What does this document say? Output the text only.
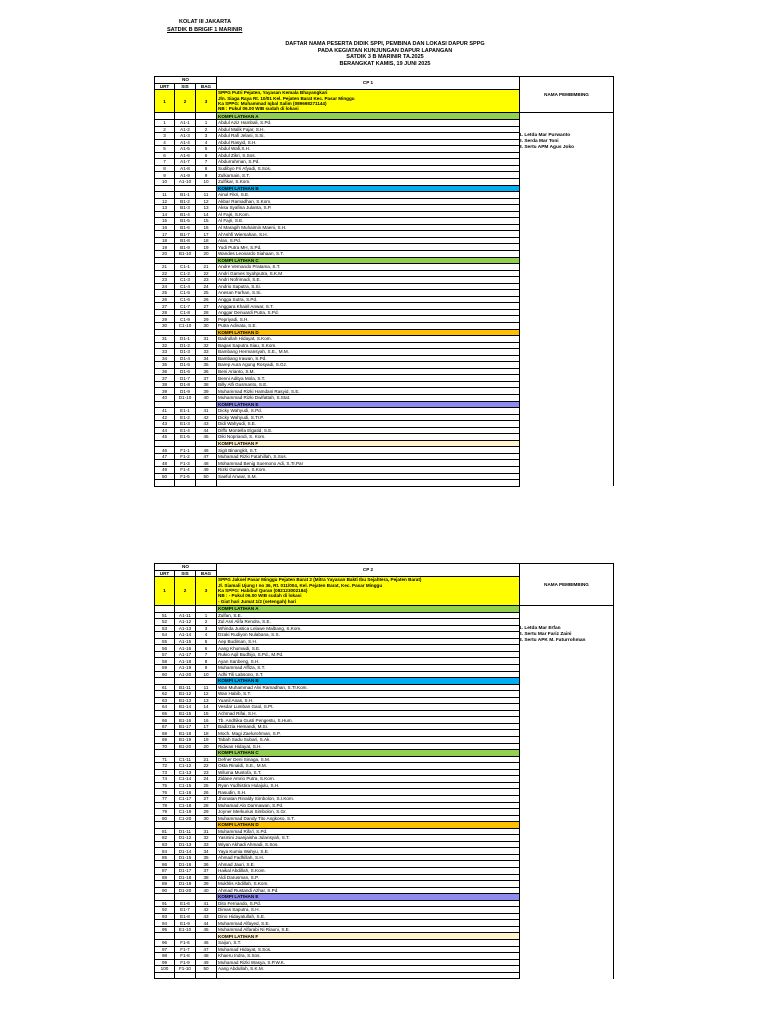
KOLAT III JAKARTA
SATDIK B BRIGIF 1 MARINIR
DAFTAR NAMA PESERTA DIDIK SPPI, PEMBINA DAN LOKASI DAPUR SPPG
PADA KEGIATAN KUNJUNGAN DAPUR LAPANGAN
SATDIK 3 B MARINIR TA.2025
BERANGKAT KAMIS, 19 JUNI 2025
NO			CP 1	NAMA PEMBIMBING
URT	SIS	BAG		
1	2	3	SPPG Putri Pejaten, Yayasan Kemala Bhayangkari
Jln. Siaga Raya Rt. 10/01 Kel. Pejaten Barat Kec. Pasar Minggu
Ka SPPG: Muhammad Iqbal Salim (089698271144)
NB : Pukul 06.00 WIB sudah di lokasi	

			KOMPI LATIHAN A	
1	A1-1	1	Abdul Aziz Hambali, S.Pd.	
2	A1-2	2	Abdul Malik Fajar, S.H.	
3	A1-3	3	Abdul Rafi Jelani, S.Si.	
4	A1-4	4	Abdul Rasyid, S.H.	
5	A1-5	5	Abdul Wafi,S.H.	
6	A1-6	6	Abdul Zikri, S.Sos.	
7	A1-7	7	Abdurrahman, S.Pd.	
8	A1-8	8	Sudibyo Fri Afyadi, S.Sos.	
9	A1-9	9	Zulkarnain, S.T.	
10	A1-10	10	Zulfikar, S.Kom.	
			KOMPI LATIHAN B	
11	B1-1	11	Ainul Fikri, S.E.	
12	B1-2	12	Akbar Ramadhan, S.Kom.	
13	B1-3	13	Aksa Syafina Julanta, S.P.	
14	B1-4	14	Al Fajri, S.Kom.	
15	B1-5	15	Al Fajri, S.E.	
16	B1-6	16	Al Maragih Muhaimin Maeni, S.H.	
17	B1-7	17	Al'Ashfi Wiersahan, S.H.	
18	B1-8	18	Alan, S.Pd.	
19	B1-9	19	Yudi Putra MH, S.Pd.	
20	B1-10	20	Wandes Leonardo Siahaan, S.T.	
			KOMPI LATIHAN C	
21	C1-1	21	Andre Vernando Pratama, S.T.	
22	C1-2	22	Andri Games Syahputra, S.K.M	
23	C1-3	23	Andri Nofrimadi, S.E.	
24	C1-4	24	Andrio Saputra, S.Si.	
25	C1-5	25	Anesan Farhan, S.Si.	
26	C1-6	26	Angga Sutra, S.Pd.	
27	C1-7	27	Anggara Khairil Anwar, S.T.	
28	C1-8	28	Anggar Denuardi Putra, S.Pd.	
29	C1-9	29	Pepriyadi, S.H.	
30	C1-10	30	Putra Adinata, S.E.	
			KOMPI LATIHAN D	
31	D1-1	31	Badrullah Hidayat, S.Kom.	
32	D1-2	32	Bagas Saputra Siau, S.Kom.	
33	D1-3	33	Bambang Hermansyah, S.E., M.M.	
34	D1-4	34	Bambang Irawan, S.Pd.	
35	D1-5	35	Barep Aura Agung Rosyadi, S.Gz.	
36	D1-6	36	Beni Arianto, S.M.	
37	D1-7	37	Benni Aditya Mola, S.T.	
38	D1-8	38	Billy Alfi Gusmanto, S.E.	
39	D1-9	39	Muhammad Rizki Hamdani Rasyid, S.E.	
40	D1-10	40	Muhammad Rizki Dwifattah, S.Stat.	
			KOMPI LATIHAN E	
41	E1-1	41	Dicky Wahyudi, S.Pd.	
42	E1-2	42	Dicky Wahyudi, S.Tr.P.	
43	E1-3	43	Didi Wahyudi, S.E.	
44	E1-4	44	Diffo Montella Elgatid, S.E.	
45	E1-5	45	Diki Nopriandi, S. Kom.	
			KOMPI LATIHAN F	
46	F1-1	46	Sigit Binangkit, S.T.	
47	F1-2	47	Muhamad Rizki Fatahillah, S.Sos.	
48	F1-3	48	Mohammad Benig Suemono Adi, S.Tr.Par	
49	F1-4	49	Rizki Gunawan, S.Kom.	
50	F1-5	50	Saeful Anwar, S.M.	

1. Letda Mar Purwanto
2. Serda Mar Toni
3. Sertu APM Agus Joko
NO			CP 2	NAMA PEMBIMBING
URT	SIS	BAG		
1	2	3	SPPG Jaksel Pasar Minggu Pejaten Barat 2 (Mitra Yayasan Bakti Ibu Sejahtera, Pejaten Barat)
Jl. Siamali Ujung I no 36, Rt. 011/004, Kel. Pejaten Barat, Kec. Pasar Minggu
Ka SPPG: Habibul Quran (082123002184)
NB : - Pukul 06.00 WIB sudah di lokasi
- Giat hari Jumat 1/2 (setengah) hari	

			KOMPI LATIHAN A	
51	A1-11	1	Zulfan, S.E.	
52	A1-12	2	Zul Asri Alifa Rendra, S.E.	
53	A1-13	3	Whinda Justica Lelawe Malbang, S.Kom.	
54	A1-14	4	Dzaki Rudiyon Nulabana, S.S.	
55	A1-15	5	Aep Budiman, S.H.	
56	A1-16	6	Aang Khumaidi, S.E.	
57	A1-17	7	Rukio Aqil Budhijo, S.Pd., M.Pd.	
58	A1-18	8	Ayan Sanbeng, S.H.	
59	A1-19	9	Muhammad Affiza, S.T.	
60	A1-20	10	Adhi Tili Labsono, S.T.	
			KOMPI LATIHAN B	
61	B1-11	11	Wan Muhammad Alvi Ramadhan, S.Tr.Kom.	
62	B1-12	12	Wan Habib, S.T.	
63	B1-13	13	Yuanil Anas, S.H.	
64	B1-14	14	Vesdar Lumban Gaol, S.Pt.	
65	B1-15	15	Achmad Rifai, S.H.	
66	B1-16	16	Tb. Andhika Gusti Pengestu, S.Hum.	
67	B1-17	17	Badizzia Hemandi, M.Si.	
68	B1-18	18	Moch. Magi Zaelurohman, S.P.	
69	B1-19	19	Tabah Sadu Subari, S.Ak.	
70	B1-20	20	Ridwan Hidayat, S.H.	
			KOMPI LATIHAN C	
71	C1-11	21	Defner Deni Sinaga, S.M.	
72	C1-12	22	Okta Rinaldi, S.E., M.M.	
73	C1-13	23	Wiluma Mustofa, S.T.	
74	C1-14	24	Zidane Amrio Putra, S.Kom.	
75	C1-15	25	Ryan Yudhistira Hulajulu, S.H.	
76	C1-16	26	Rasudin, S.H.	
77	C1-17	27	Jhonatan Rinaldy Simbolon, S.I.Kom.	
78	C1-18	28	Muhamad Alo Darmawan, S.Pd.	
79	C1-19	29	Joyner Merkurius Simbolon, S.Gr.	
80	C1-20	30	Muhammad Dandy Tito Angkoso, S.T.	
			KOMPI LATIHAN D	
81	D1-11	31	Muhammad Rifa'i, S.Pd.	
82	D1-12	32	Yasmini Juanjaisha Julansyah, S.T.	
83	D1-13	33	Wiyan Akhadi Ahmadi, S.Sos.	
84	D1-14	34	Yaya Kumia Wahyu, S.E.	
85	D1-15	35	Ahmad Fadhillah, S.H.	
86	D1-16	36	Ahmad Jauri, S.E.	
87	D1-17	37	Haikal Abdillah, S.Kom.	
88	D1-18	38	Aldi Darusman, S.P.	
89	D1-19	39	Mukhlis Abdillah, S.Kom.	
90	D1-20	40	Ahmad Rustandi Azhar, S.Pd.	
			KOMPI LATIHAN E	
91	E1-6	41	Dito Fernando, S.Pd.	
92	E1-7	42	Dimas Saputra, S.H.	
93	E1-8	43	Dino Hidayatullah, S.E.	
94	E1-9	44	Muhammad Alfayed, S.E.	
95	E1-10	45	Muhammad Alfarabi Ni Riauni, S.E.	
			KOMPI LATIHAN F	
96	F1-6	46	Saijun, S.T.	
97	F1-7	47	Muhamad Hidayat, S.Sos.	
98	F1-8	48	Khaeru Indra, S.Sos.	
99	F1-9	49	Muhamad Rizki Wasya, S.P.W.K.	
100	F1-10	50	Aang Abdullah, S.K.M.	

1. Letda Mar Erfan
2. Sertu Mar Fariz Zaini
3. Sertu APK M. Faturrohman
